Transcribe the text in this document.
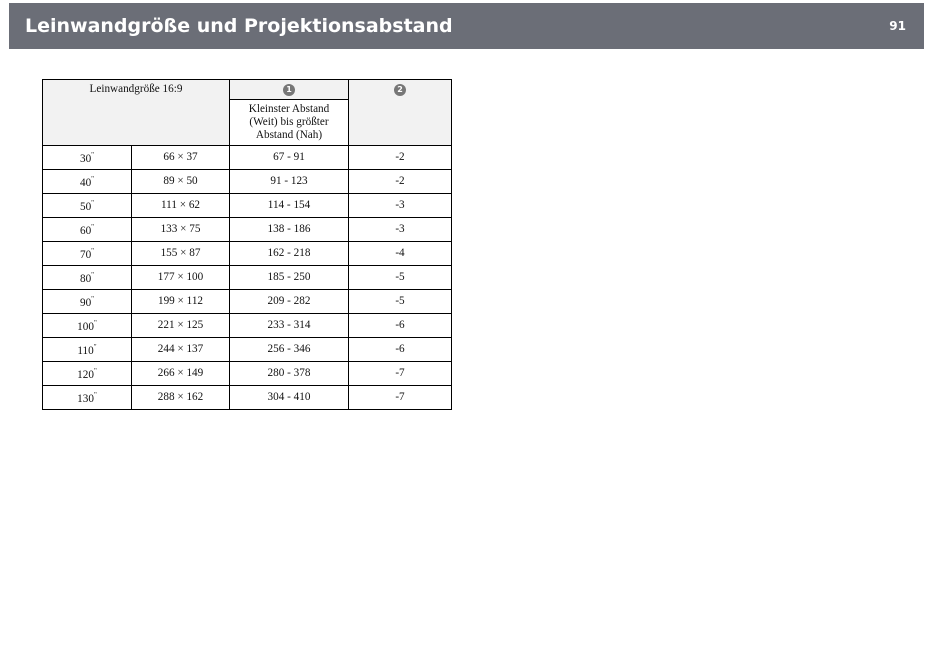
Leinwandgröße und Projektionsabstand	91
Leinwandgröße 16:9		1	2
		Kleinster Abstand (Weit) bis größter Abstand (Nah)	
30"	66 × 37	67 - 91	-2
40"	89 × 50	91 - 123	-2
50"	111 × 62	114 - 154	-3
60"	133 × 75	138 - 186	-3
70"	155 × 87	162 - 218	-4
80"	177 × 100	185 - 250	-5
90"	199 × 112	209 - 282	-5
100"	221 × 125	233 - 314	-6
110"	244 × 137	256 - 346	-6
120"	266 × 149	280 - 378	-7
130"	288 × 162	304 - 410	-7
